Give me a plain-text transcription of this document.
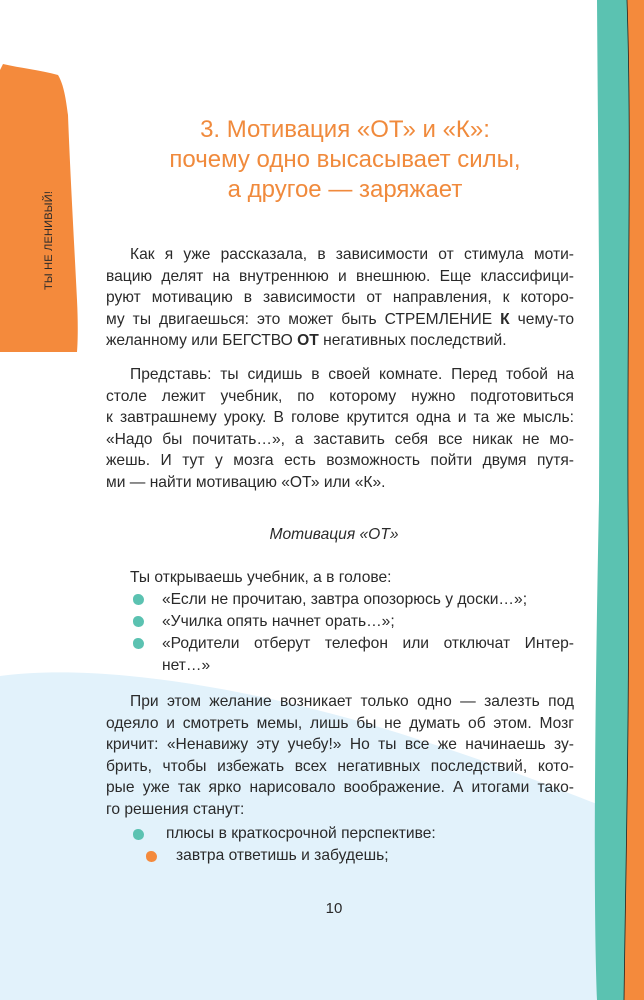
ТЫ НЕ ЛЕНИВЫЙ!
3. Мотивация «ОТ» и «К»:
почему одно высасывает силы,
а другое — заряжает
Как я уже рассказала, в зависимости от стимула моти-
вацию делят на внутреннюю и внешнюю. Еще классифици-
руют мотивацию в зависимости от направления, к которо-
му ты двигаешься: это может быть СТРЕМЛЕНИЕ К чему-то
желанному или БЕГСТВО ОТ негативных последствий.
Представь: ты сидишь в своей комнате. Перед тобой на
столе лежит учебник, по которому нужно подготовиться
к завтрашнему уроку. В голове крутится одна и та же мысль:
«Надо бы почитать…», а заставить себя все никак не мо-
жешь. И тут у мозга есть возможность пойти двумя путя-
ми — найти мотивацию «ОТ» или «К».
Мотивация «ОТ»
Ты открываешь учебник, а в голове:
«Если не прочитаю, завтра опозорюсь у доски…»;
«Училка опять начнет орать…»;
«Родители отберут телефон или отключат Интер-
нет…»
При этом желание возникает только одно — залезть под
одеяло и смотреть мемы, лишь бы не думать об этом. Мозг
кричит: «Ненавижу эту учебу!» Но ты все же начинаешь зу-
брить, чтобы избежать всех негативных последствий, кото-
рые уже так ярко нарисовало воображение. А итогами тако-
го решения станут:
плюсы в краткосрочной перспективе:
завтра ответишь и забудешь;
10
